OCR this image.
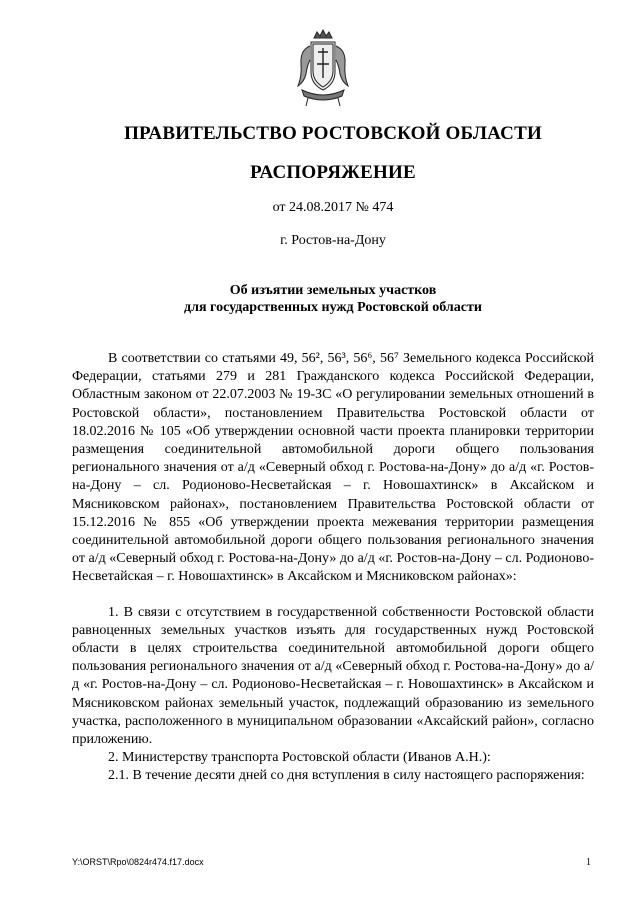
ПРАВИТЕЛЬСТВО РОСТОВСКОЙ ОБЛАСТИ
РАСПОРЯЖЕНИЕ
от 24.08.2017 № 474
г. Ростов-на-Дону
Об изъятии земельных участков
для государственных нужд Ростовской области

В соответствии со статьями 49, 56², 56³, 56⁶, 56⁷ Земельного кодекса Российской Федерации, статьями 279 и 281 Гражданского кодекса Российской Федерации, Областным законом от 22.07.2003 № 19-ЗС «О регулировании земельных отношений в Ростовской области», постановлением Правительства Ростовской области от 18.02.2016 № 105 «Об утверждении основной части проекта планировки территории размещения соединительной автомобильной дороги общего пользования регионального значения от а/д «Северный обход г. Ростова-на-Дону» до а/д «г. Ростов-на-Дону – сл. Родионово-Несветайская – г. Новошахтинск» в Аксайском и Мясниковском районах», постановлением Правительства Ростовской области от 15.12.2016 № 855 «Об утверждении проекта межевания территории размещения соединительной автомобильной дороги общего пользования регионального значения от а/д «Северный обход г. Ростова-на-Дону» до а/д «г. Ростов-на-Дону – сл. Родионово-Несветайская – г. Новошахтинск» в Аксайском и Мясниковском районах»:

1. В связи с отсутствием в государственной собственности Ростовской области равноценных земельных участков изъять для государственных нужд Ростовской области в целях строительства соединительной автомобильной дороги общего пользования регионального значения от а/д «Северный обход г. Ростова-на-Дону» до а/д «г. Ростов-на-Дону – сл. Родионово-Несветайская – г. Новошахтинск» в Аксайском и Мясниковском районах земельный участок, подлежащий образованию из земельного участка, расположенного в муниципальном образовании «Аксайский район», согласно приложению.

2. Министерству транспорта Ростовской области (Иванов А.Н.):

2.1. В течение десяти дней со дня вступления в силу настоящего распоряжения:

Y:\ORST\Rpo\0824r474.f17.docx	1
